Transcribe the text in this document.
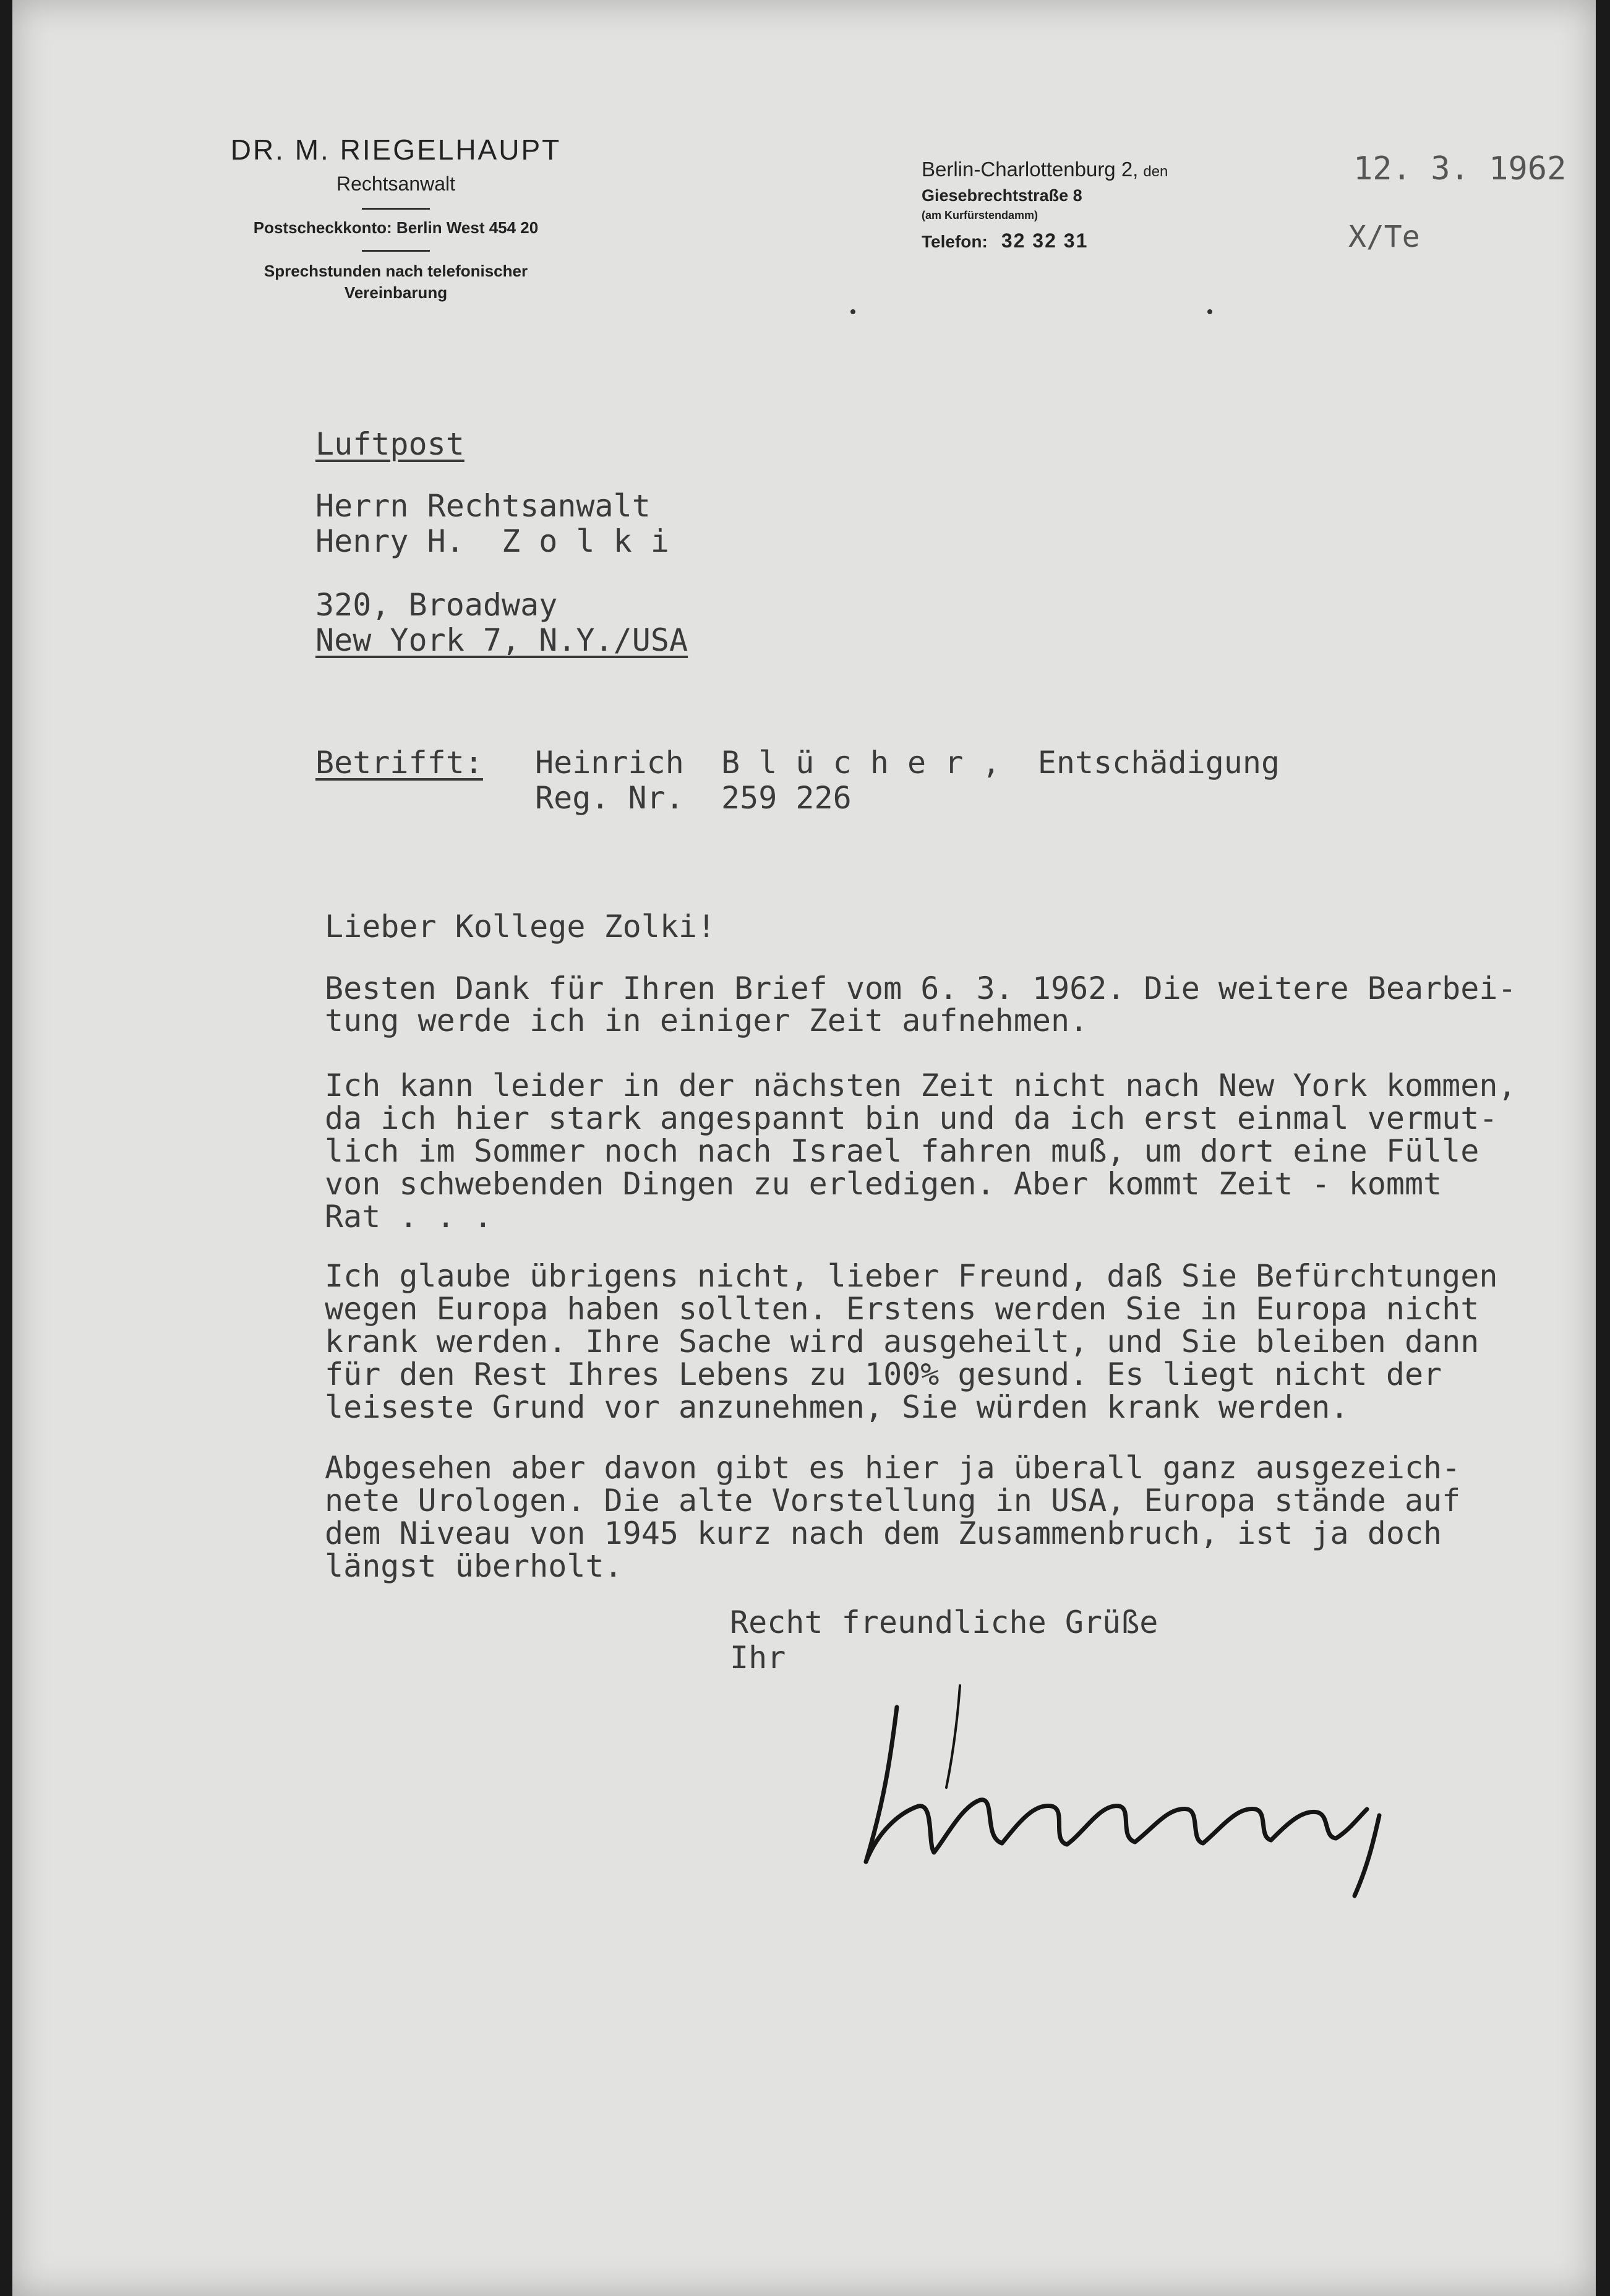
DR. M. RIEGELHAUPT
Rechtsanwalt
Postscheckkonto: Berlin West 454 20
Sprechstunden nach telefonischer
Vereinbarung
Berlin-Charlottenburg 2, den
Giesebrechtstraße 8
(am Kurfürstendamm)
Telefon: 32 32 31
12. 3. 1962
X/Te
Luftpost
Herrn Rechtsanwalt
Henry H.  Z o l k i
320, Broadway
New York 7, N.Y./USA
Betrifft: Heinrich  B l ü c h e r ,  Entschädigung
Reg. Nr.  259 226
Lieber Kollege Zolki!
Besten Dank für Ihren Brief vom 6. 3. 1962. Die weitere Bearbei-
tung werde ich in einiger Zeit aufnehmen.
Ich kann leider in der nächsten Zeit nicht nach New York kommen,
da ich hier stark angespannt bin und da ich erst einmal vermut-
lich im Sommer noch nach Israel fahren muß, um dort eine Fülle
von schwebenden Dingen zu erledigen. Aber kommt Zeit - kommt
Rat . . .
Ich glaube übrigens nicht, lieber Freund, daß Sie Befürchtungen
wegen Europa haben sollten. Erstens werden Sie in Europa nicht
krank werden. Ihre Sache wird ausgeheilt, und Sie bleiben dann
für den Rest Ihres Lebens zu 100% gesund. Es liegt nicht der
leiseste Grund vor anzunehmen, Sie würden krank werden.
Abgesehen aber davon gibt es hier ja überall ganz ausgezeich-
nete Urologen. Die alte Vorstellung in USA, Europa stände auf
dem Niveau von 1945 kurz nach dem Zusammenbruch, ist ja doch
längst überholt.
Recht freundliche Grüße
Ihr
